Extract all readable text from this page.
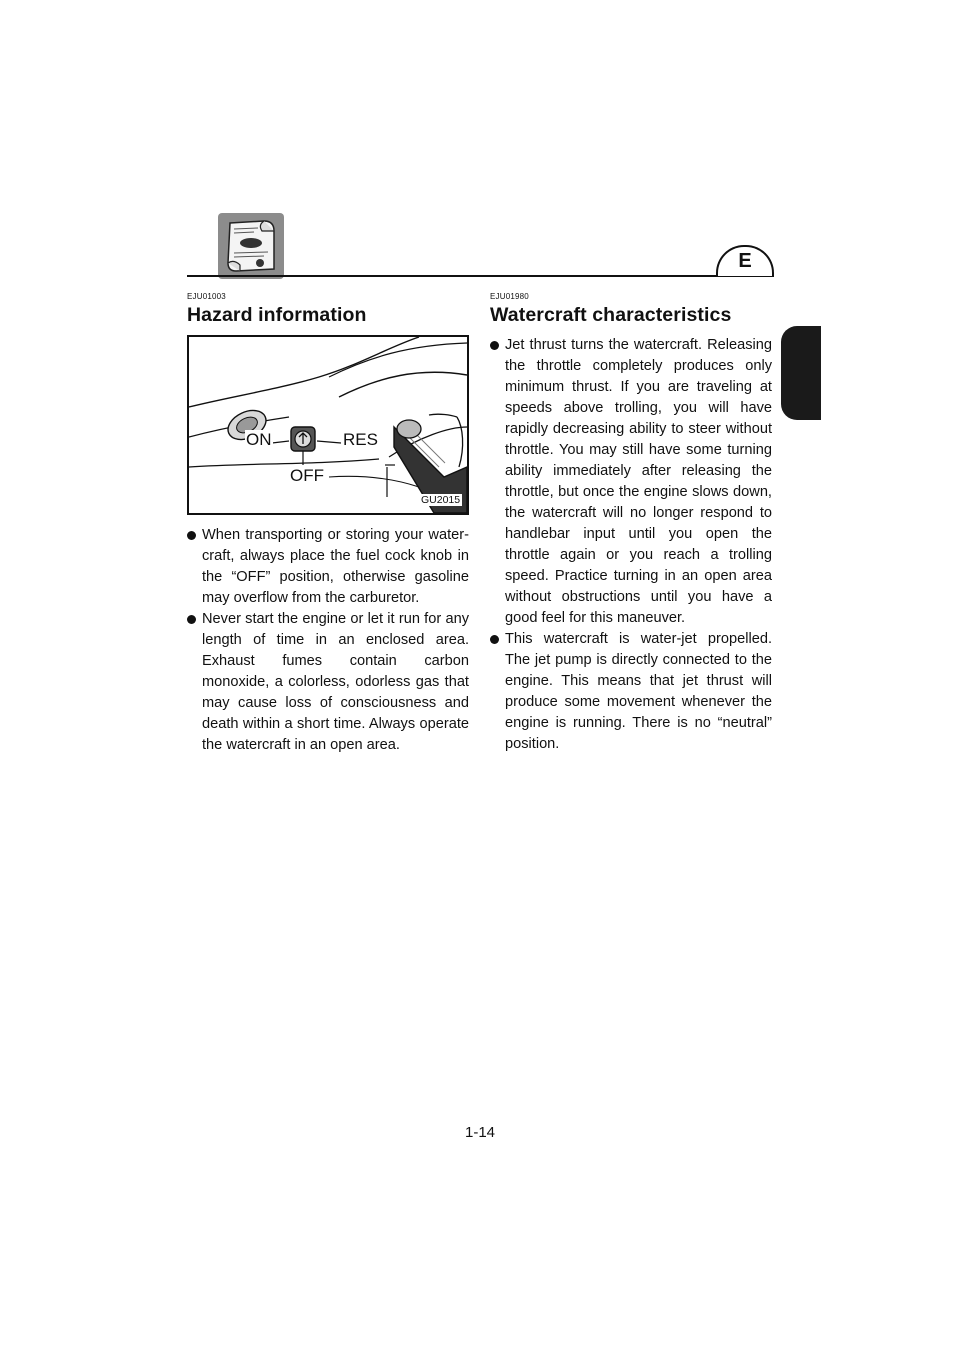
E
EJU01003
Hazard information
ON	RES
OFF
GU2015
When transporting or storing your watercraft, always place the fuel cock knob in the “OFF” position, otherwise gasoline may overflow from the carburetor.
Never start the engine or let it run for any length of time in an enclosed area. Exhaust fumes contain carbon monoxide, a colorless, odorless gas that may cause loss of consciousness and death within a short time. Always operate the watercraft in an open area.
EJU01980
Watercraft characteristics
Jet thrust turns the watercraft. Releasing the throttle completely produces only minimum thrust. If you are traveling at speeds above trolling, you will have rapidly decreasing ability to steer without throttle. You may still have some turning ability immediately after releasing the throttle, but once the engine slows down, the watercraft will no longer respond to handlebar input until you open the throttle again or you reach a trolling speed. Practice turning in an open area without obstructions until you have a good feel for this maneuver.
This watercraft is water-jet propelled. The jet pump is directly connected to the engine. This means that jet thrust will produce some movement whenever the engine is running. There is no “neutral” position.
1-14
